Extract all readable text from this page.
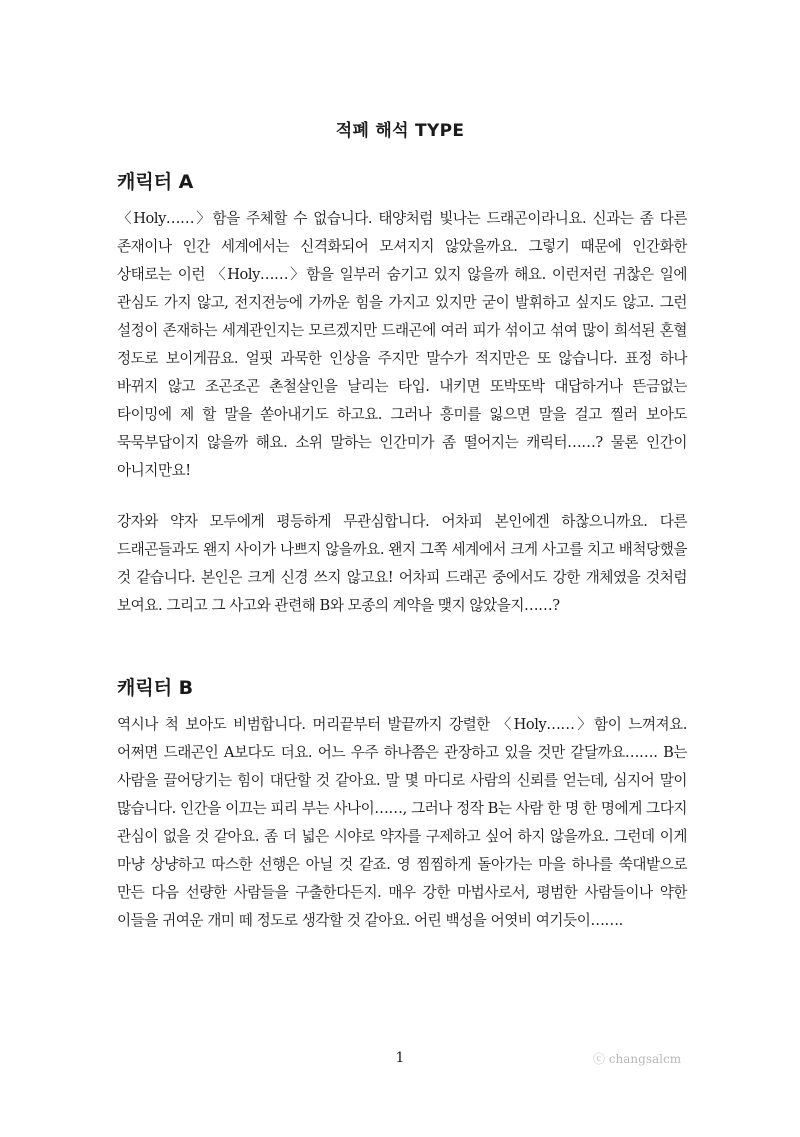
적폐 해석 TYPE
캐릭터 A

〈Holy……〉함을 주체할 수 없습니다. 태양처럼 빛나는 드래곤이라니요. 신과는 좀 다른 존재이나 인간 세계에서는 신격화되어 모셔지지 않았을까요. 그렇기 때문에 인간화한 상태로는 이런 〈Holy……〉함을 일부러 숨기고 있지 않을까 해요. 이런저런 귀찮은 일에 관심도 가지 않고, 전지전능에 가까운 힘을 가지고 있지만 굳이 발휘하고 싶지도 않고. 그런 설정이 존재하는 세계관인지는 모르겠지만 드래곤에 여러 피가 섞이고 섞여 많이 희석된 혼혈 정도로 보이게끔요. 얼핏 과묵한 인상을 주지만 말수가 적지만은 또 않습니다. 표정 하나 바뀌지 않고 조곤조곤 촌철살인을 날리는 타입. 내키면 또박또박 대답하거나 뜬금없는 타이밍에 제 할 말을 쏟아내기도 하고요. 그러나 흥미를 잃으면 말을 걸고 찔러 보아도 묵묵부답이지 않을까 해요. 소위 말하는 인간미가 좀 떨어지는 캐릭터……? 물론 인간이 아니지만요!

강자와 약자 모두에게 평등하게 무관심합니다. 어차피 본인에겐 하찮으니까요. 다른 드래곤들과도 왠지 사이가 나쁘지 않을까요. 왠지 그쪽 세계에서 크게 사고를 치고 배척당했을 것 같습니다. 본인은 크게 신경 쓰지 않고요! 어차피 드래곤 중에서도 강한 개체였을 것처럼 보여요. 그리고 그 사고와 관련해 B와 모종의 계약을 맺지 않았을지……?

캐릭터 B

역시나 척 보아도 비범합니다. 머리끝부터 발끝까지 강렬한 〈Holy……〉함이 느껴져요. 어쩌면 드래곤인 A보다도 더요. 어느 우주 하나쯤은 관장하고 있을 것만 같달까요……. B는 사람을 끌어당기는 힘이 대단할 것 같아요. 말 몇 마디로 사람의 신뢰를 얻는데, 심지어 말이 많습니다. 인간을 이끄는 피리 부는 사나이……, 그러나 정작 B는 사람 한 명 한 명에게 그다지 관심이 없을 것 같아요. 좀 더 넓은 시야로 약자를 구제하고 싶어 하지 않을까요. 그런데 이게 마냥 상냥하고 따스한 선행은 아닐 것 같죠. 영 찜찜하게 돌아가는 마을 하나를 쑥대밭으로 만든 다음 선량한 사람들을 구출한다든지. 매우 강한 마법사로서, 평범한 사람들이나 약한 이들을 귀여운 개미 떼 정도로 생각할 것 같아요. 어린 백성을 어엿비 여기듯이…….

1	ⓒ changsalcm
